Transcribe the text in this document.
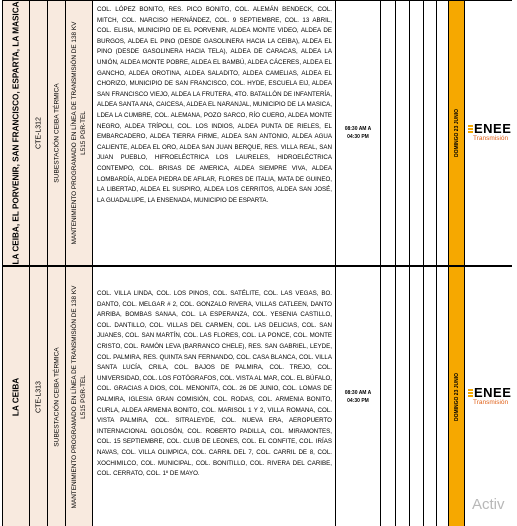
LA CEIBA, EL PORVENIR, SAN FRANCISCO, ESPARTA, LA MASICA CTE-L312 SUBESTACIÓN CEIBA TÉRMICA MANTENIMIENTO PROGRAMADO EN LÍNEA DE TRANSMISIÓN DE 138 KV L515 PGR-TEL
COL. LÓPEZ BONITO, RES. PICO BONITO, COL. ALEMÁN BENDECK, COL. MITCH, COL. NARCISO HERNÁNDEZ, COL. 9 SEPTIEMBRE, COL. 13 ABRIL, COL. ELISIA, MUNICIPIO DE EL PORVENIR, ALDEA MONTE VIDEO, ALDEA DE BURGOS, ALDEA EL PINO (DESDE GASOLINERA HACIA LA CEIBA), ALDEA EL PINO (DESDE GASOLINERA HACIA TELA), ALDEA DE CARACAS, ALDEA LA UNIÓN, ALDEA MONTE POBRE, ALDEA EL BAMBÚ, ALDEA CÁCERES, ALDEA EL GANCHO, ALDEA OROTINA, ALDEA SALADITO, ALDEA CAMELIAS, ALDEA EL CHORIZO, MUNICIPIO DE SAN FRANCISCO, COL. HYDE, ESCUELA EIJ, ALDEA SAN FRANCISCO VIEJO, ALDEA LA FRUTERA, 4TO. BATALLÓN DE INFANTERÍA, ALDEA SANTA ANA, CAICESA, ALDEA EL NARANJAL, MUNICIPIO DE LA MASICA, LDEA LA CUMBRE, COL. ALEMANA, POZO SARCO, RÍO CUERO, ALDEA MONTE NEGRO, ALDEA TRÍPOLI, COL. LOS INDIOS, ALDEA PUNTA DE RIELES, EL EMBARCADERO, ALDEA TIERRA FIRME, ALDEA SAN ANTONIO, ALDEA AGUA CALIENTE, ALDEA EL ORO, ALDEA SAN JUAN BERQUE, RES. VILLA REAL, SAN JUAN PUEBLO, HIFROELÉCTRICA LOS LAURELES, HIDROELÉCTRICA CONTEMPO, COL. BRISAS DE AMERICA, ALDEA SIEMPRE VIVA, ALDEA LOMBARDÍA, ALDEA PIEDRA DE AFILAR, FLORES DE ITALIA, MATA DE GUINEO, LA LIBERTAD, ALDEA EL SUSPIRO, ALDEA LOS CERRITOS, ALDEA SAN JOSÉ, LA GUADALUPE, LA ENSENADA, MUNICIPIO DE ESPARTA.
08:30 AM A
04:30 PM	DOMINGO 23 JUNIO ENEE
Transmisión
LA CEIBA CTE-L313 SUBESTACIÓN CEIBA TÉRMICA MANTENIMIENTO PROGRAMADO EN LÍNEA DE TRANSMISIÓN DE 138 KV L515 PGR-TEL
COL. VILLA LINDA, COL. LOS PINOS, COL. SATÉLITE, COL. LAS VEGAS, BO. DANTO, COL. MELGAR # 2, COL. GONZALO RIVERA, VILLAS CATLEEN, DANTO ARRIBA, BOMBAS SANAA, COL. LA ESPERANZA, COL. YESENIA CASTILLO, COL. DANTILLO, COL. VILLAS DEL CARMEN, COL. LAS DELICIAS, COL. SAN JUANES, COL. SAN MARTÍN, COL. LAS FLORES, COL. LA PONCE, COL. MONTE CRISTO, COL. RAMÓN LEVA (BARRANCO CHELE), RES. SAN GABRIEL, LEYDE, COL. PALMIRA, RES. QUINTA SAN FERNANDO, COL. CASA BLANCA, COL. VILLA SANTA LUCÍA, CRILA, COL. BAJOS DE PALMIRA, COL. TREJO, COL. UNIVERSIDAD, COL. LOS FOTÓGRAFOS, COL. VISTA AL MAR, COL. EL BÚFALO, COL. GRACIAS A DIOS, COL. MENONITA, COL. 26 DE JUNIO, COL. LOMAS DE PALMIRA, IGLESIA GRAN COMISIÓN, COL. RODAS, COL. ARMENIA BONITO, CURLA, ALDEA ARMENIA BONITO, COL. MARISOL 1 Y 2, VILLA ROMANA, COL. VISTA PALMIRA, COL. SITRALEYDE, COL. NUEVA ERA, AEROPUERTO INTERNACIONAL GOLOSÓN, COL. ROBERTO PADILLA, COL. MIRAMONTES, COL. 15 SEPTIEMBRE, COL. CLUB DE LEONES, COL. EL CONFITE, COL. IRÍAS NAVAS, COL. VILLA OLIMPICA, COL. CARRIL DEL 7, COL. CARRIL DE 8, COL. XOCHIMILCO, COL. MUNICIPAL, COL. BONITILLO, COL. RIVERA DEL CARIBE, COL. CERRATO, COL. 1º DE MAYO.
08:30 AM A
04:30 PM	DOMINGO 23 JUNIO ENEE
Transmisión
Activ
